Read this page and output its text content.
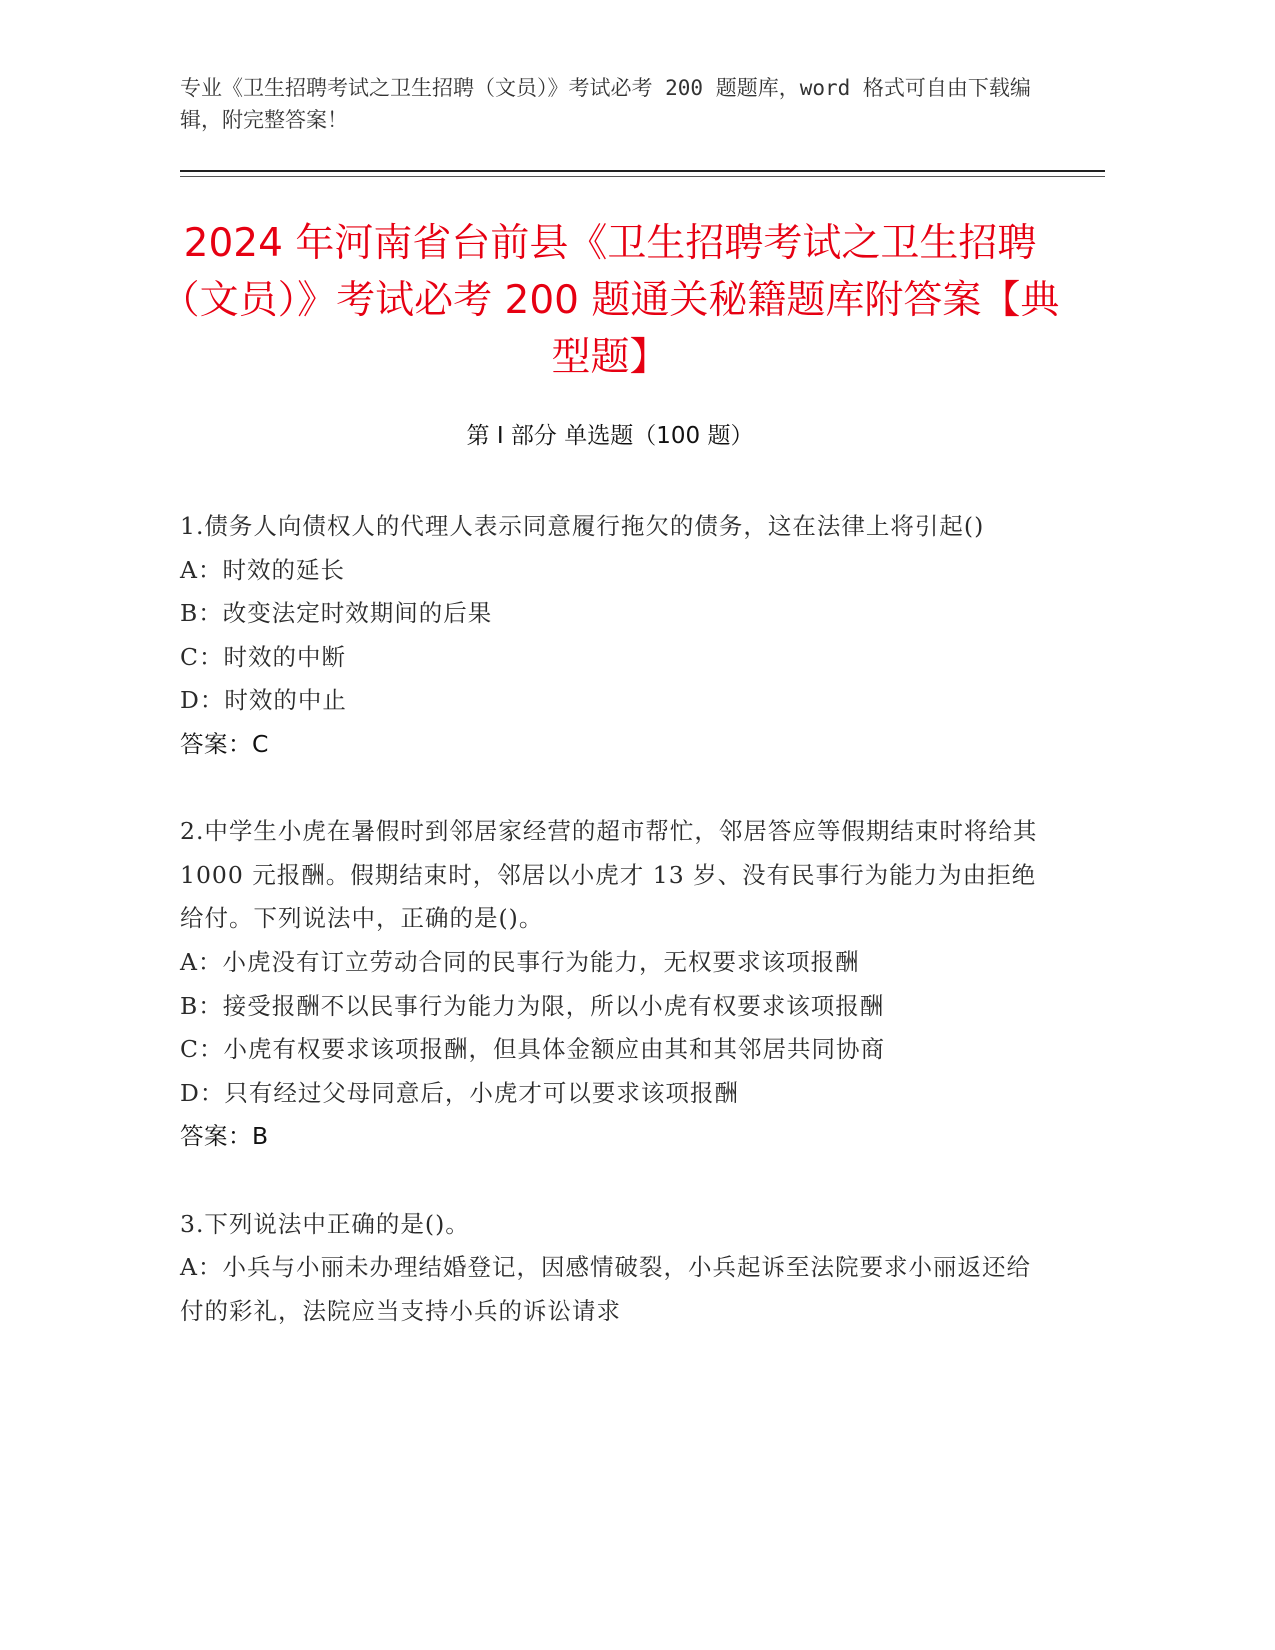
专业《卫生招聘考试之卫生招聘（文员）》考试必考 200 题题库，word 格式可自由下载编辑，附完整答案！
2024 年河南省台前县《卫生招聘考试之卫生招聘（文员）》考试必考 200 题通关秘籍题库附答案【典型题】
第 I 部分 单选题（100 题）
1.债务人向债权人的代理人表示同意履行拖欠的债务，这在法律上将引起()
A：时效的延长
B：改变法定时效期间的后果
C：时效的中断
D：时效的中止
答案：C
2.中学生小虎在暑假时到邻居家经营的超市帮忙，邻居答应等假期结束时将给其 1000 元报酬。假期结束时，邻居以小虎才 13 岁、没有民事行为能力为由拒绝给付。下列说法中，正确的是()。
A：小虎没有订立劳动合同的民事行为能力，无权要求该项报酬
B：接受报酬不以民事行为能力为限，所以小虎有权要求该项报酬
C：小虎有权要求该项报酬，但具体金额应由其和其邻居共同协商
D：只有经过父母同意后，小虎才可以要求该项报酬
答案：B
3.下列说法中正确的是()。
A：小兵与小丽未办理结婚登记，因感情破裂，小兵起诉至法院要求小丽返还给付的彩礼，法院应当支持小兵的诉讼请求
